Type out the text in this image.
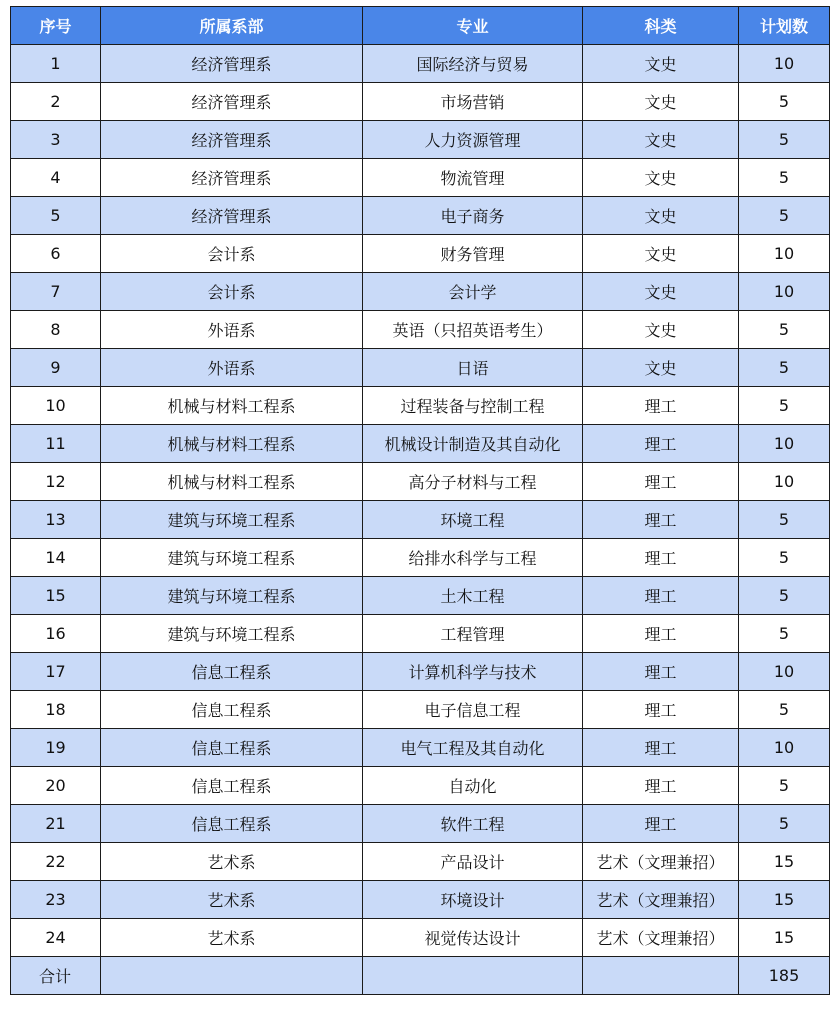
序号	所属系部	专业	科类	计划数
1	经济管理系	国际经济与贸易	文史	10
2	经济管理系	市场营销	文史	5
3	经济管理系	人力资源管理	文史	5
4	经济管理系	物流管理	文史	5
5	经济管理系	电子商务	文史	5
6	会计系	财务管理	文史	10
7	会计系	会计学	文史	10
8	外语系	英语（只招英语考生）	文史	5
9	外语系	日语	文史	5
10	机械与材料工程系	过程装备与控制工程	理工	5
11	机械与材料工程系	机械设计制造及其自动化	理工	10
12	机械与材料工程系	高分子材料与工程	理工	10
13	建筑与环境工程系	环境工程	理工	5
14	建筑与环境工程系	给排水科学与工程	理工	5
15	建筑与环境工程系	土木工程	理工	5
16	建筑与环境工程系	工程管理	理工	5
17	信息工程系	计算机科学与技术	理工	10
18	信息工程系	电子信息工程	理工	5
19	信息工程系	电气工程及其自动化	理工	10
20	信息工程系	自动化	理工	5
21	信息工程系	软件工程	理工	5
22	艺术系	产品设计	艺术（文理兼招）	15
23	艺术系	环境设计	艺术（文理兼招）	15
24	艺术系	视觉传达设计	艺术（文理兼招）	15
合计				185
